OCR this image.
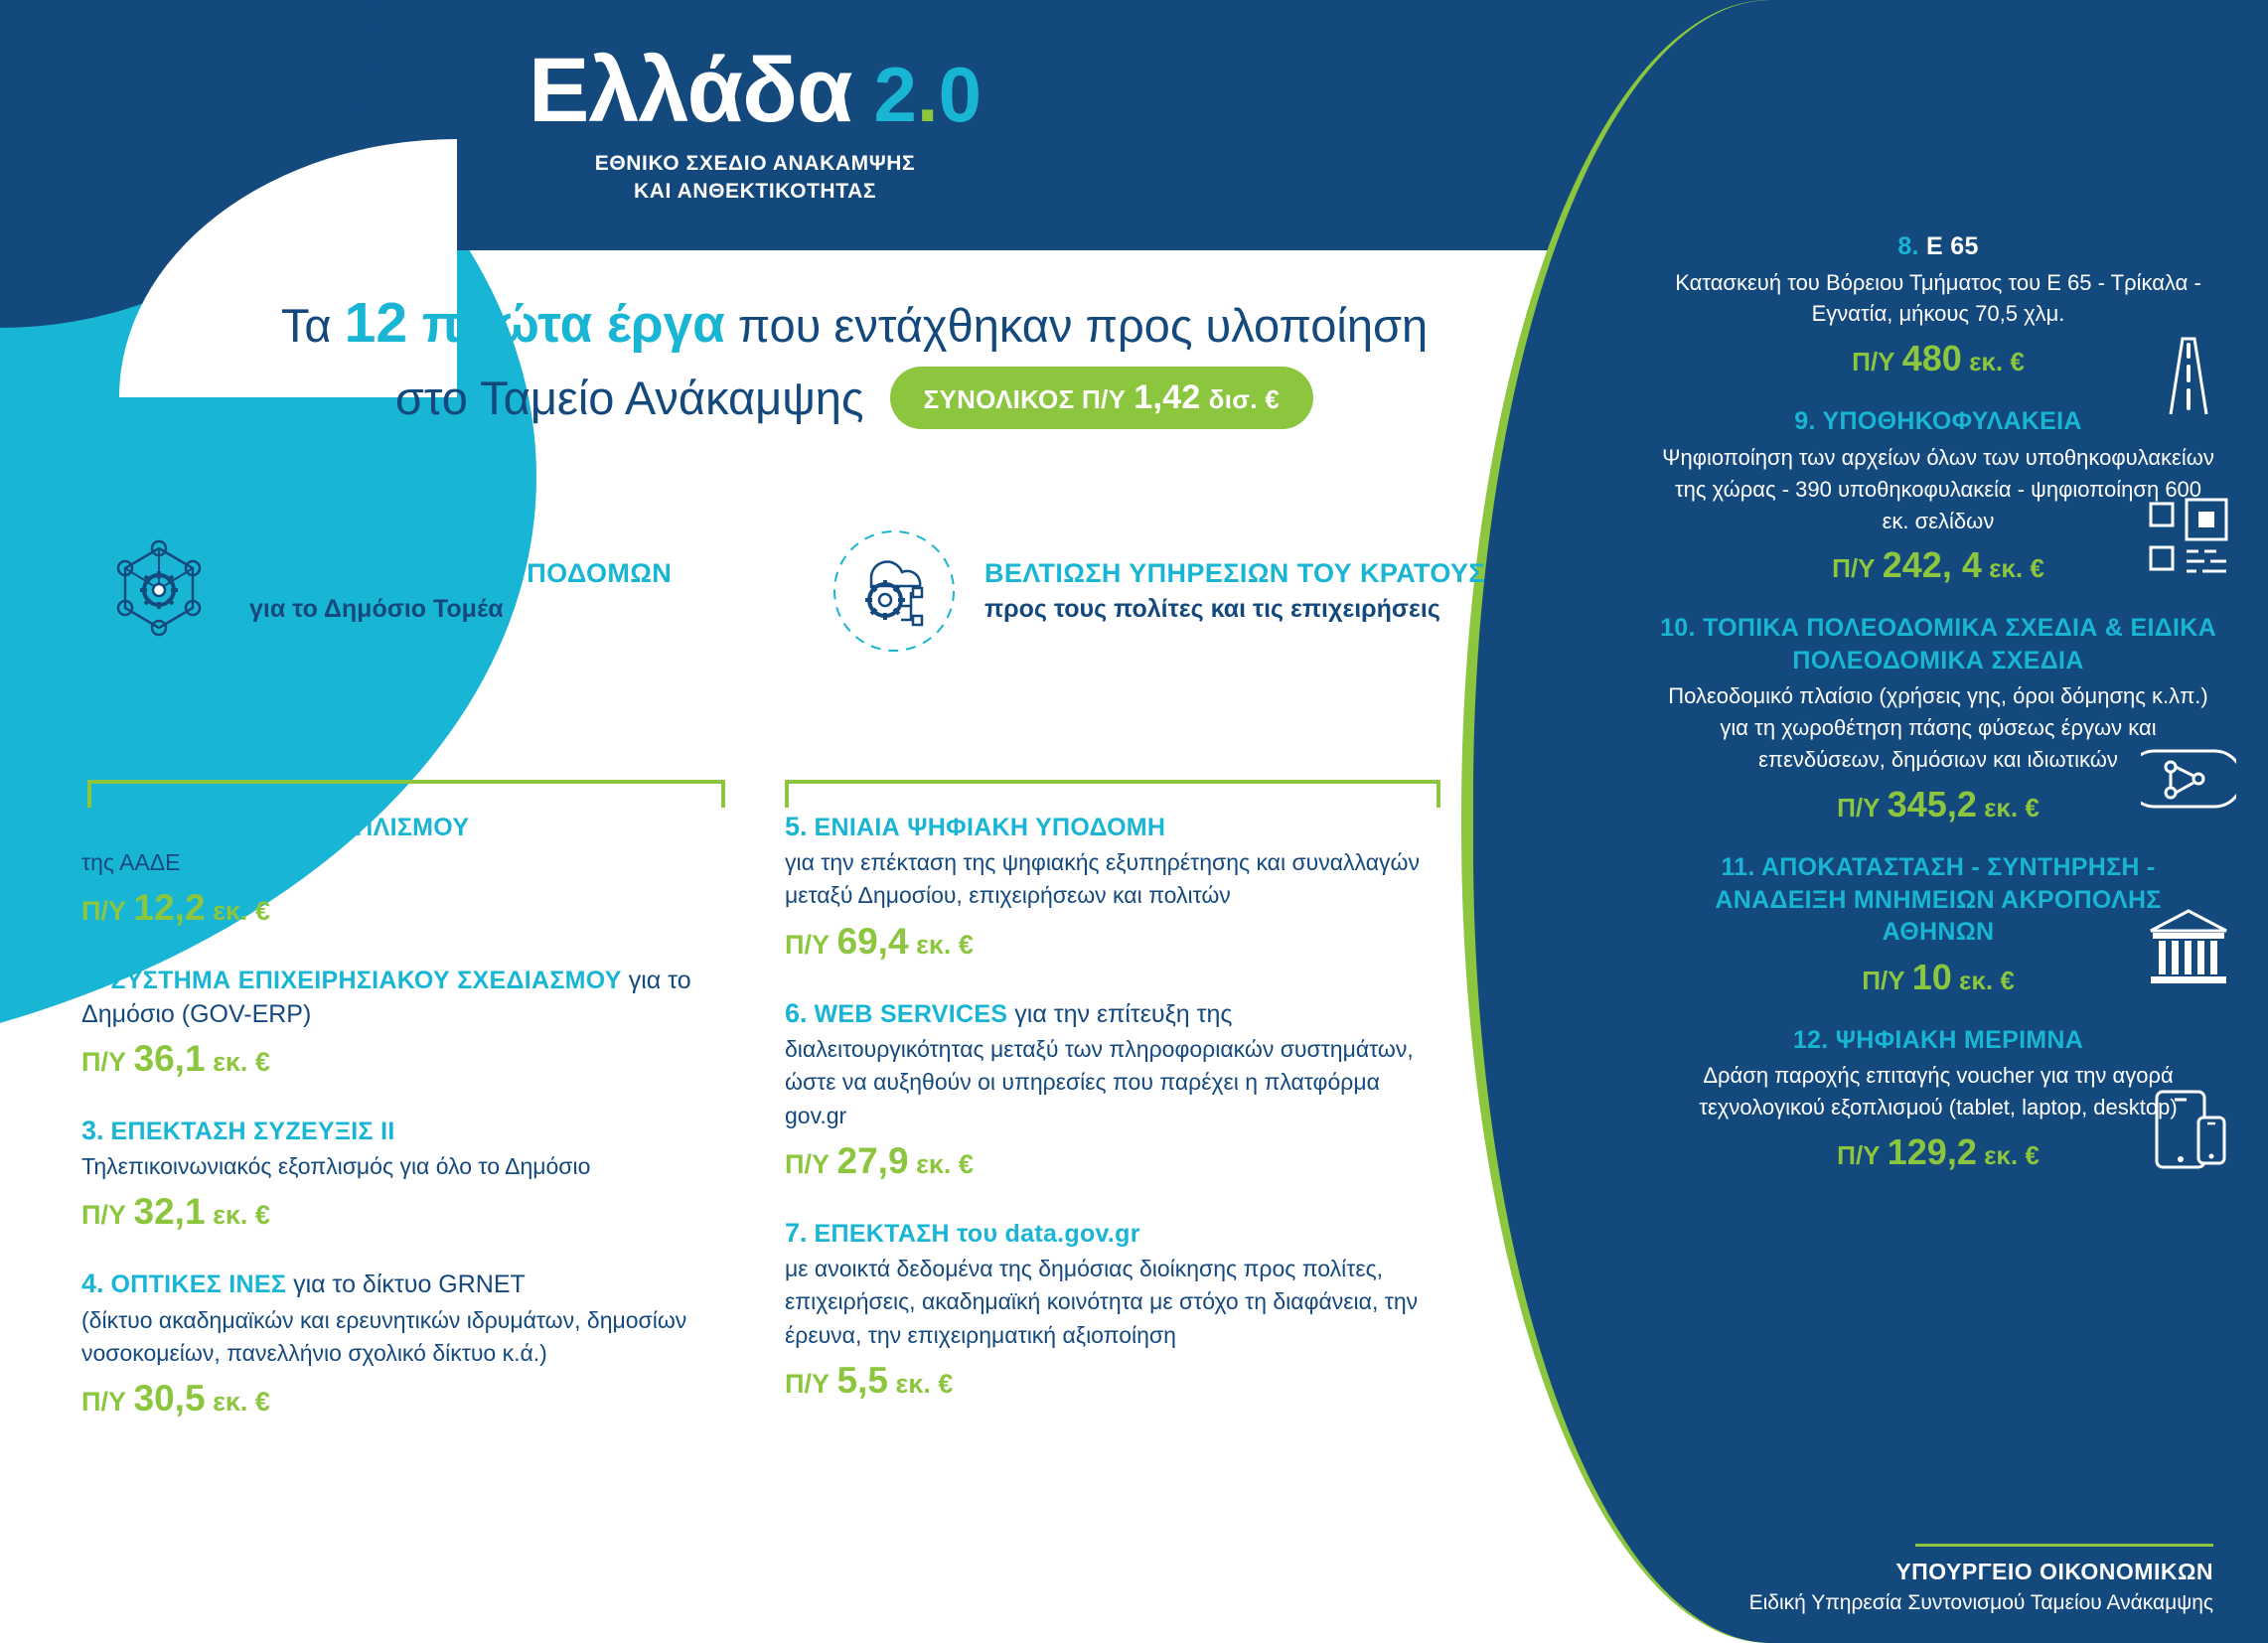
Ελλάδα 2.0
ΕΘΝΙΚΟ ΣΧΕΔΙΟ ΑΝΑΚΑΜΨΗΣ
ΚΑΙ ΑΝΘΕΚΤΙΚΟΤΗΤΑΣ
Τα 12 πρώτα έργα που εντάχθηκαν προς υλοποίηση
στο Ταμείο Ανάκαμψης ΣΥΝΟΛΙΚΟΣ Π/Υ 1,42 δισ. €
ΕΚΣΥΓΧΡΟΝΙΣΜΟΣ ΥΠΟΔΟΜΩΝ
για το Δημόσιο Τομέα
ΒΕΛΤΙΩΣΗ ΥΠΗΡΕΣΙΩΝ ΤΟΥ ΚΡΑΤΟΥΣ
προς τους πολίτες και τις επιχειρήσεις
1. ΒΕΛΤΙΩΣΗ ΤΟΥ ΕΞΟΠΛΙΣΜΟΥ
της ΑΑΔΕ
Π/Υ 12,2 εκ. €
2. ΣΥΣΤΗΜΑ ΕΠΙΧΕΙΡΗΣΙΑΚΟΥ ΣΧΕΔΙΑΣΜΟΥ για το Δημόσιο (GOV-ERP)
Π/Υ 36,1 εκ. €
3. ΕΠΕΚΤΑΣΗ ΣΥΖΕΥΞΙΣ ΙΙ
Τηλεπικοινωνιακός εξοπλισμός για όλο το Δημόσιο
Π/Υ 32,1 εκ. €
4. ΟΠΤΙΚΕΣ ΙΝΕΣ για το δίκτυο GRNET
(δίκτυο ακαδημαϊκών και ερευνητικών ιδρυμάτων, δημοσίων νοσοκομείων, πανελλήνιο σχολικό δίκτυο κ.ά.)
Π/Υ 30,5 εκ. €
5. ΕΝΙΑΙΑ ΨΗΦΙΑΚΗ ΥΠΟΔΟΜΗ
για την επέκταση της ψηφιακής εξυπηρέτησης και συναλλαγών μεταξύ Δημοσίου, επιχειρήσεων και πολιτών
Π/Υ 69,4 εκ. €
6. WEB SERVICES για την επίτευξη της
διαλειτουργικότητας μεταξύ των πληροφοριακών συστημάτων, ώστε να αυξηθούν οι υπηρεσίες που παρέχει η πλατφόρμα gov.gr
Π/Υ 27,9 εκ. €
7. ΕΠΕΚΤΑΣΗ του data.gov.gr
με ανοικτά δεδομένα της δημόσιας διοίκησης προς πολίτες, επιχειρήσεις, ακαδημαϊκή κοινότητα με στόχο τη διαφάνεια, την έρευνα, την επιχειρηματική αξιοποίηση
Π/Υ 5,5 εκ. €
8. Ε 65
Κατασκευή του Βόρειου Τμήματος του Ε 65 - Τρίκαλα - Εγνατία, μήκους 70,5 χλμ.
Π/Υ 480 εκ. €
9. ΥΠΟΘΗΚΟΦΥΛΑΚΕΙΑ
Ψηφιοποίηση των αρχείων όλων των υποθηκοφυλακείων της χώρας - 390 υποθηκοφυλακεία - ψηφιοποίηση 600 εκ. σελίδων
Π/Υ 242, 4 εκ. €
10. ΤΟΠΙΚΑ ΠΟΛΕΟΔΟΜΙΚΑ ΣΧΕΔΙΑ & ΕΙΔΙΚΑ ΠΟΛΕΟΔΟΜΙΚΑ ΣΧΕΔΙΑ
Πολεοδομικό πλαίσιο (χρήσεις γης, όροι δόμησης κ.λπ.) για τη χωροθέτηση πάσης φύσεως έργων και επενδύσεων, δημόσιων και ιδιωτικών
Π/Υ 345,2 εκ. €
11. ΑΠΟΚΑΤΑΣΤΑΣΗ - ΣΥΝΤΗΡΗΣΗ - ΑΝΑΔΕΙΞΗ ΜΝΗΜΕΙΩΝ ΑΚΡΟΠΟΛΗΣ ΑΘΗΝΩΝ
Π/Υ 10 εκ. €
12. ΨΗΦΙΑΚΗ ΜΕΡΙΜΝΑ
Δράση παροχής επιταγής voucher για την αγορά τεχνολογικού εξοπλισμού (tablet, laptop, desktop)
Π/Υ 129,2 εκ. €
ΥΠΟΥΡΓΕΙΟ ΟΙΚΟΝΟΜΙΚΩΝ
Ειδική Υπηρεσία Συντονισμού Ταμείου Ανάκαμψης
